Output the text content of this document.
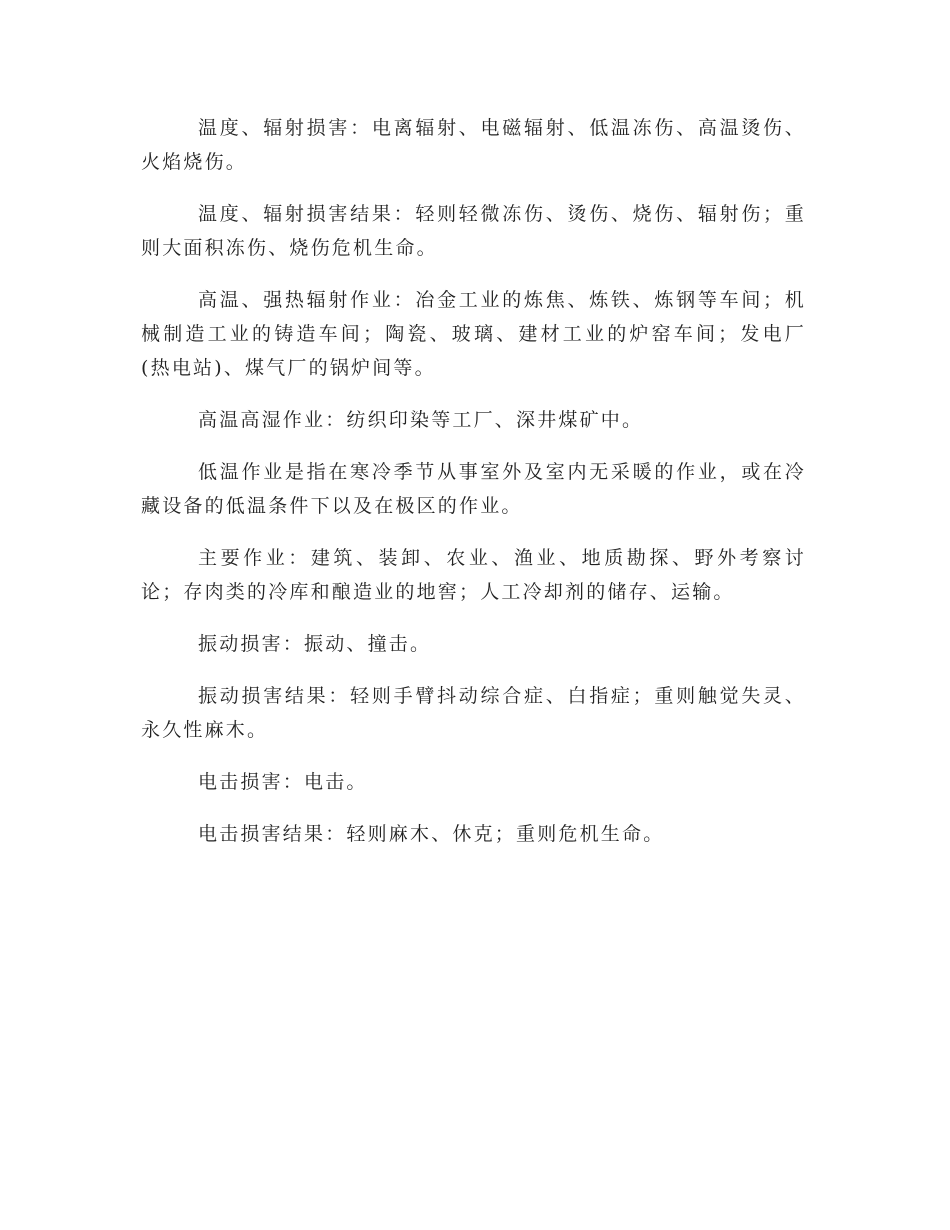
温度、辐射损害：电离辐射、电磁辐射、低温冻伤、高温烫伤、火焰烧伤。

温度、辐射损害结果：轻则轻微冻伤、烫伤、烧伤、辐射伤；重则大面积冻伤、烧伤危机生命。

高温、强热辐射作业：冶金工业的炼焦、炼铁、炼钢等车间；机械制造工业的铸造车间；陶瓷、玻璃、建材工业的炉窑车间；发电厂(热电站)、煤气厂的锅炉间等。

高温高湿作业：纺织印染等工厂、深井煤矿中。

低温作业是指在寒冷季节从事室外及室内无采暖的作业，或在冷藏设备的低温条件下以及在极区的作业。

主要作业：建筑、装卸、农业、渔业、地质勘探、野外考察讨论；存肉类的冷库和酿造业的地窖；人工冷却剂的储存、运输。

振动损害：振动、撞击。

振动损害结果：轻则手臂抖动综合症、白指症；重则触觉失灵、永久性麻木。

电击损害：电击。

电击损害结果：轻则麻木、休克；重则危机生命。
